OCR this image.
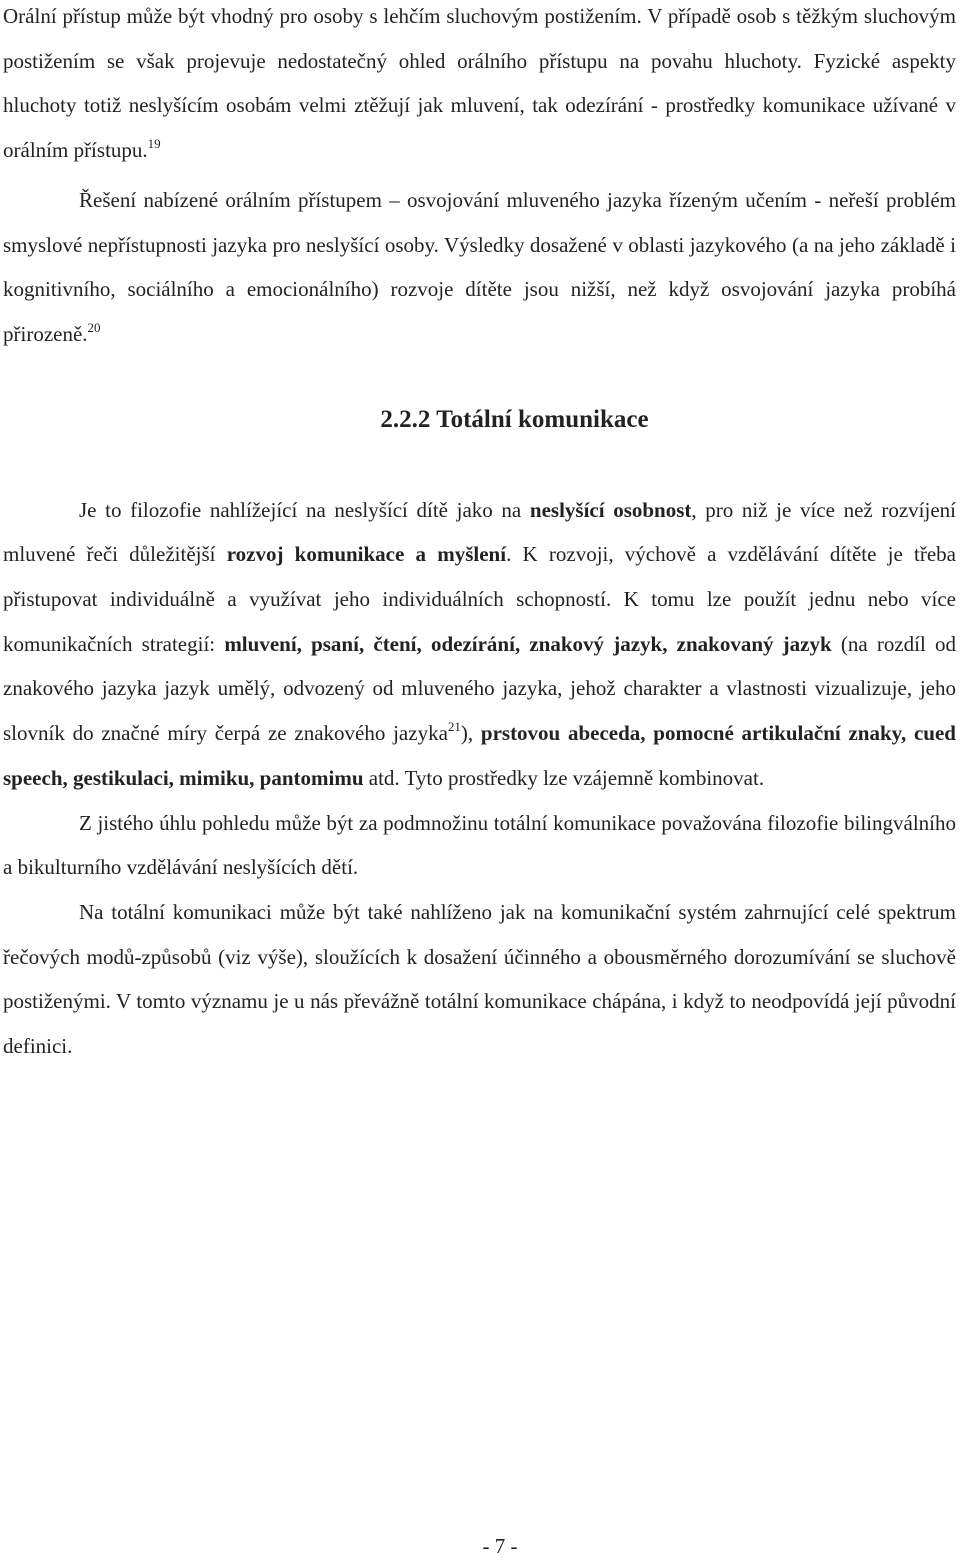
Orální přístup může být vhodný pro osoby s lehčím sluchovým postižením. V případě osob s těžkým sluchovým postižením se však projevuje nedostatečný ohled orálního přístupu na povahu hluchoty. Fyzické aspekty hluchoty totiž neslyšícím osobám velmi ztěžují jak mluvení, tak odezírání - prostředky komunikace užívané v orálním přístupu.$^{19}$

Řešení nabízené orálním přístupem – osvojování mluveného jazyka řízeným učením - neřeší problém smyslové nepřístupnosti jazyka pro neslyšící osoby. Výsledky dosažené v oblasti jazykového (a na jeho základě i kognitivního, sociálního a emocionálního) rozvoje dítěte jsou nižší, než když osvojování jazyka probíhá přirozeně.$^{20}$

2.2.2 Totální komunikace

Je to filozofie nahlížející na neslyšící dítě jako na neslyšící osobnost, pro niž je více než rozvíjení mluvené řeči důležitější rozvoj komunikace a myšlení. K rozvoji, výchově a vzdělávání dítěte je třeba přistupovat individuálně a využívat jeho individuálních schopností. K tomu lze použít jednu nebo více komunikačních strategií: mluvení, psaní, čtení, odezírání, znakový jazyk, znakovaný jazyk (na rozdíl od znakového jazyka jazyk umělý, odvozený od mluveného jazyka, jehož charakter a vlastnosti vizualizuje, jeho slovník do značné míry čerpá ze znakového jazyka$^{21}$), prstovou abeceda, pomocné artikulační znaky, cued speech, gestikulaci, mimiku, pantomimu atd. Tyto prostředky lze vzájemně kombinovat.

Z jistého úhlu pohledu může být za podmnožinu totální komunikace považována filozofie bilingválního a bikulturního vzdělávání neslyšících dětí.

Na totální komunikaci může být také nahlíženo jak na komunikační systém zahrnující celé spektrum řečových modů-způsobů (viz výše), sloužících k dosažení účinného a obousměrného dorozumívání se sluchově postiženými. V tomto významu je u nás převážně totální komunikace chápána, i když to neodpovídá její původní definici.

- 7 -
